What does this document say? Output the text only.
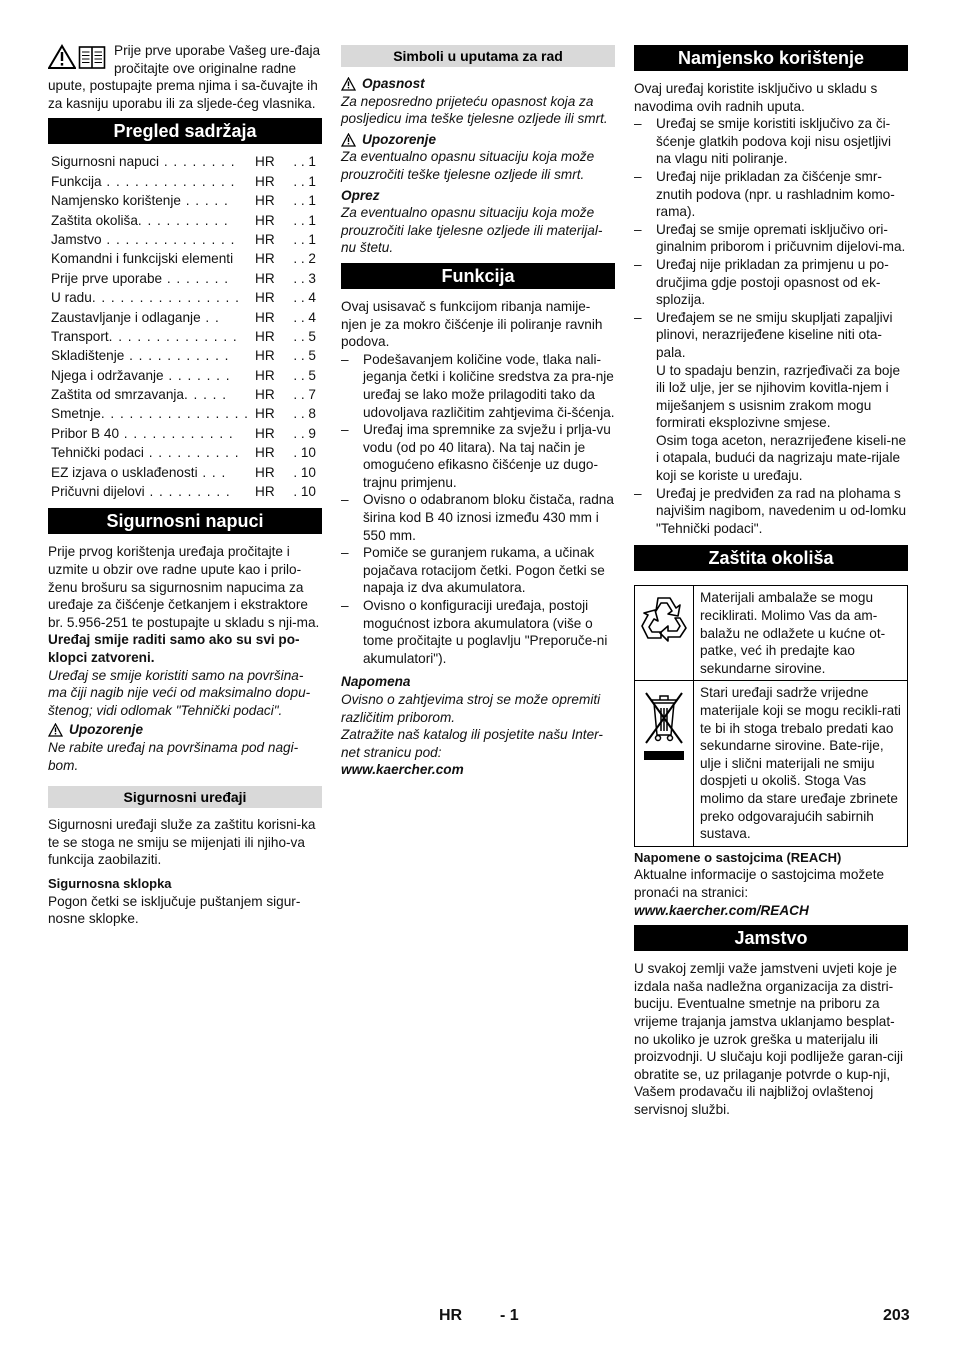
Prije prve uporabe Vašeg ure-đaja pročitajte ove originalne radne upute, postupajte prema njima i sa-čuvajte ih za kasniju uporabu ili za sljede-ćeg vlasnika.

Pregled sadržaja
Sigurnosni napuci . . . . . . . .	HR	. . 1
Funkcija . . . . . . . . . . . . . .	HR	. . 1
Namjensko korištenje . . . . .	HR	. . 1
Zaštita okoliša. . . . . . . . . .	HR	. . 1
Jamstvo . . . . . . . . . . . . . .	HR	. . 1
Komandni i funkcijski elementi	HR	. . 2
Prije prve uporabe . . . . . . .	HR	. . 3
U radu. . . . . . . . . . . . . . . .	HR	. . 4
Zaustavljanje i odlaganje . .	HR	. . 4
Transport. . . . . . . . . . . . . .	HR	. . 5
Skladištenje . . . . . . . . . . .	HR	. . 5
Njega i održavanje . . . . . . .	HR	. . 5
Zaštita od smrzavanja. . . . .	HR	. . 7
Smetnje. . . . . . . . . . . . . . . . HR	. . 8
Pribor B 40 . . . . . . . . . . . .	HR	. . 9
Tehnički podaci . . . . . . . . . .	HR	. 10
EZ izjava o usklađenosti . . .	HR	. 10
Pričuvni dijelovi . . . . . . . . .	HR	. 10
Sigurnosni napuci

Prije prvog korištenja uređaja pročitajte i uzmite u obzir ove radne upute kao i prilo-ženu brošuru sa sigurnosnim napucima za uređaje za čišćenje četkanjem i ekstraktore br. 5.956-251 te postupajte u skladu s nji-ma.

Uređaj smije raditi samo ako su svi po-klopci zatvoreni.

Uređaj se smije koristiti samo na površina-ma čiji nagib nije veći od maksimalno dopu-štenog; vidi odlomak "Tehnički podaci".

Upozorenje

Ne rabite uređaj na površinama pod nagi-bom.

Sigurnosni uređaji

Sigurnosni uređaji služe za zaštitu korisni-ka te se stoga ne smiju se mijenjati ili njiho-va funkcija zaobilaziti.

Sigurnosna sklopka

Pogon četki se isključuje puštanjem sigur-nosne sklopke.

Simboli u uputama za rad
Opasnost

Za neposredno prijeteću opasnost koja za posljedicu ima teške tjelesne ozljede ili smrt.

Upozorenje

Za eventualno opasnu situaciju koja može prouzročiti teške tjelesne ozljede ili smrt.

Oprez

Za eventualno opasnu situaciju koja može prouzročiti lake tjelesne ozljede ili materijal-nu štetu.

Funkcija

Ovaj usisavač s funkcijom ribanja namije-njen je za mokro čišćenje ili poliranje ravnih podova.

– Podešavanjem količine vode, tlaka nali-jeganja četki i količine sredstva za pra-nje uređaj se lako može prilagoditi tako da udovoljava različitim zahtjevima či-šćenja.
– Uređaj ima spremnike za svježu i prlja-vu vodu (od po 40 litara). Na taj način je omogućeno efikasno čišćenje uz dugo-trajnu primjenu.
– Ovisno o odabranom bloku čistača, radna širina kod B 40 iznosi između 430 mm i 550 mm.
– Pomiče se guranjem rukama, a učinak pojačava rotacijom četki. Pogon četki se napaja iz dva akumulatora.
– Ovisno o konfiguraciji uređaja, postoji mogućnost izbora akumulatora (više o tome pročitajte u poglavlju "Preporuče-ni akumulatori").

Napomena

Ovisno o zahtjevima stroj se može opremiti različitim priborom.

Zatražite naš katalog ili posjetite našu Inter-net stranicu pod:

www.kaercher.com

Namjensko korištenje

Ovaj uređaj koristite isključivo u skladu s navodima ovih radnih uputa.

– Uređaj se smije koristiti isključivo za či-šćenje glatkih podova koji nisu osjetljivi na vlagu niti poliranje.
– Uređaj nije prikladan za čišćenje smr-znutih podova (npr. u rashladnim komo-rama).
– Uređaj se smije opremati isključivo ori-ginalnim priborom i pričuvnim dijelovi-ma.
– Uređaj nije prikladan za primjenu u po-dručjima gdje postoji opasnost od ek-splozija.
– Uređajem se ne smiju skupljati zapaljivi plinovi, nerazrijeđene kiseline niti ota-pala.

U to spadaju benzin, razrjeđivači za boje ili lož ulje, jer se njihovim kovitla-njem i miješanjem s usisnim zrakom mogu formirati eksplozivne smjese.

Osim toga aceton, nerazrijeđene kiseli-ne i otapala, budući da nagrizaju mate-rijale koji se koriste u uređaju.

– Uređaj je predviđen za rad na plohama s najvišim nagibom, navedenim u od-lomku "Tehnički podaci".
Zaštita okoliša
	Materijali ambalaže se mogu reciklirati. Molimo Vas da am-balažu ne odlažete u kućne ot-patke, već ih predajte kao sekundarne sirovine.
	Stari uređaji sadrže vrijedne materijale koji se mogu recikli-rati te bi ih stoga trebalo predati kao sekundarne sirovine. Bate-rije, ulje i slični materijali ne smiju dospjeti u okoliš. Stoga Vas molimo da stare uređaje zbrinete preko odgovarajućih sabirnih sustava.

Napomene o sastojcima (REACH)

Aktualne informacije o sastojcima možete pronaći na stranici:

www.kaercher.com/REACH

Jamstvo

U svakoj zemlji važe jamstveni uvjeti koje je izdala naša nadležna organizacija za distri-buciju. Eventualne smetnje na priboru za vrijeme trajanja jamstva uklanjamo besplat-no ukoliko je uzrok greška u materijalu ili proizvodnji. U slučaju koji podliježe garan-ciji obratite se, uz prilaganje potvrde o kup-nji, Vašem prodavaču ili najbližoj ovlaštenoj servisnoj službi.

HR - 1	203
